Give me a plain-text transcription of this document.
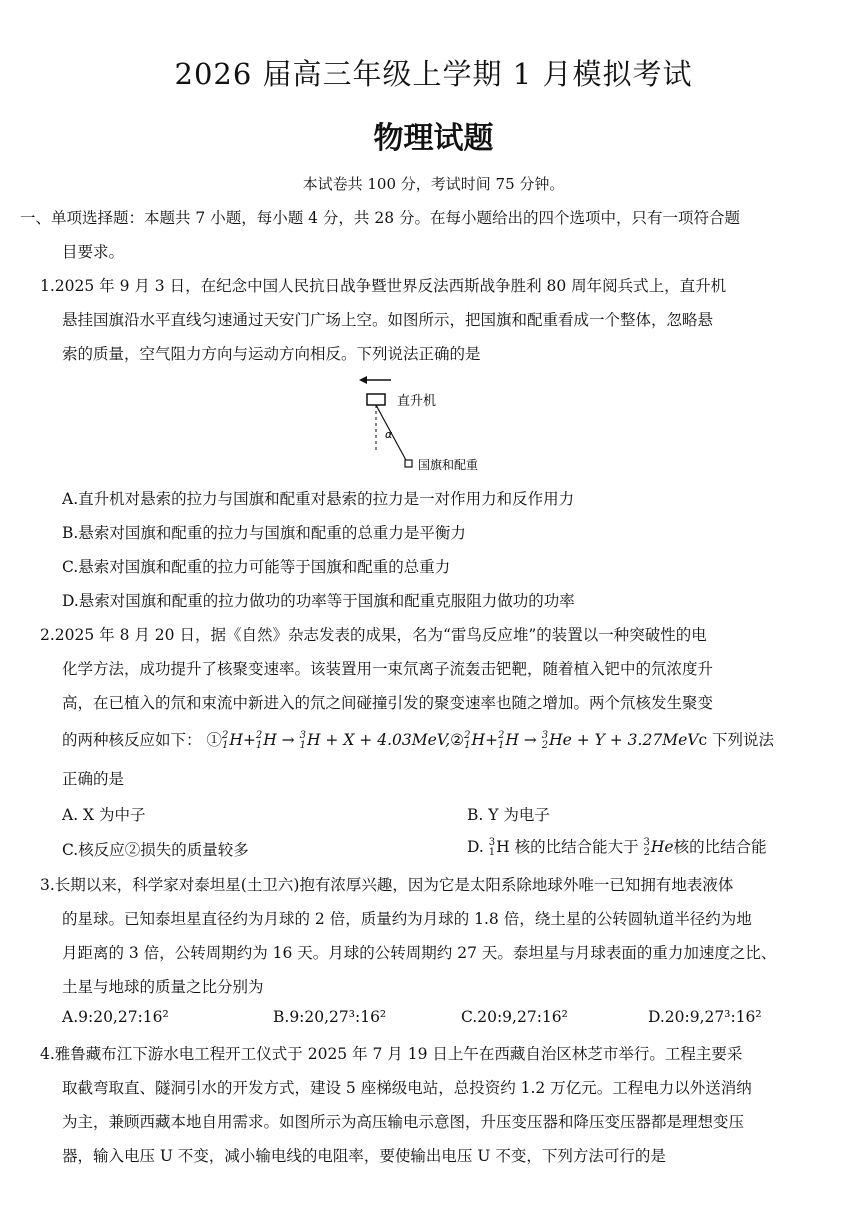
2026 届高三年级上学期 1 月模拟考试
物理试题
本试卷共 100 分，考试时间 75 分钟。
一、单项选择题：本题共 7 小题，每小题 4 分，共 28 分。在每小题给出的四个选项中，只有一项符合题
目要求。
1.2025 年 9 月 3 日，在纪念中国人民抗日战争暨世界反法西斯战争胜利 80 周年阅兵式上，直升机
悬挂国旗沿水平直线匀速通过天安门广场上空。如图所示，把国旗和配重看成一个整体，忽略悬
索的质量，空气阻力方向与运动方向相反。下列说法正确的是
直升机
α
国旗和配重
A.直升机对悬索的拉力与国旗和配重对悬索的拉力是一对作用力和反作用力
B.悬索对国旗和配重的拉力与国旗和配重的总重力是平衡力
C.悬索对国旗和配重的拉力可能等于国旗和配重的总重力
D.悬索对国旗和配重的拉力做功的功率等于国旗和配重克服阻力做功的功率
2.2025 年 8 月 20 日，据《自然》杂志发表的成果，名为“雷鸟反应堆”的装置以一种突破性的电
化学方法，成功提升了核聚变速率。该装置用一束氘离子流轰击钯靶，随着植入钯中的氘浓度升
高，在已植入的氘和束流中新进入的氘之间碰撞引发的聚变速率也随之增加。两个氘核发生聚变
的两种核反应如下： ① 2
1 H+ 2
1 H → 3
1 H + X + 4.03MeV,② 2
1 H+ 2
1 H → 3
2 He + Y + 3.27MeVc 下列说法
正确的是
A. X 为中子	B. Y 为电子
C.核反应②损失的质量较多	D. 3
1 H 核的比结合能大于 3
2 He核的比结合能
3.长期以来，科学家对泰坦星(土卫六)抱有浓厚兴趣，因为它是太阳系除地球外唯一已知拥有地表液体
的星球。已知泰坦星直径约为月球的 2 倍，质量约为月球的 1.8 倍，绕土星的公转圆轨道半径约为地
月距离的 3 倍，公转周期约为 16 天。月球的公转周期约 27 天。泰坦星与月球表面的重力加速度之比、
土星与地球的质量之比分别为
A.9:20,27:16²	B.9:20,27³:16²	C.20:9,27:16²	D.20:9,27³:16²
4.雅鲁藏布江下游水电工程开工仪式于 2025 年 7 月 19 日上午在西藏自治区林芝市举行。工程主要采
取截弯取直、隧洞引水的开发方式，建设 5 座梯级电站，总投资约 1.2 万亿元。工程电力以外送消纳
为主，兼顾西藏本地自用需求。如图所示为高压输电示意图，升压变压器和降压变压器都是理想变压
器，输入电压 U 不变，减小输电线的电阻率，要使输出电压 U 不变，下列方法可行的是
